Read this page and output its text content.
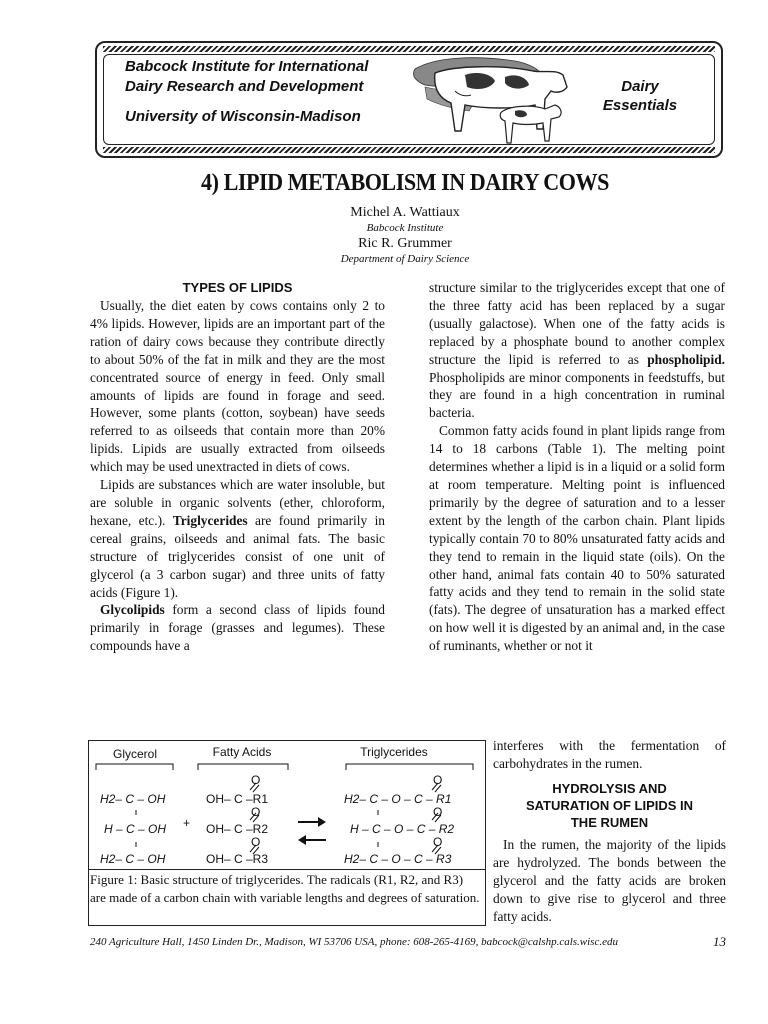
Babcock Institute for International
Dairy Research and Development
University of Wisconsin-Madison
Dairy
Essentials
4) LIPID METABOLISM IN DAIRY COWS
Michel A. Wattiaux
Babcock Institute
Ric R. Grummer
Department of Dairy Science
TYPES OF LIPIDS

Usually, the diet eaten by cows contains only 2 to 4% lipids. However, lipids are an important part of the ration of dairy cows because they contribute directly to about 50% of the fat in milk and they are the most concentrated source of energy in feed. Only small amounts of lipids are found in forage and seed. However, some plants (cotton, soybean) have seeds referred to as oilseeds that contain more than 20% lipids. Lipids are usually extracted from oilseeds which may be used unextracted in diets of cows.

Lipids are substances which are water insoluble, but are soluble in organic solvents (ether, chloroform, hexane, etc.). Triglycerides are found primarily in cereal grains, oilseeds and animal fats. The basic structure of triglycerides consist of one unit of glycerol (a 3 carbon sugar) and three units of fatty acids (Figure 1).

Glycolipids form a second class of lipids found primarily in forage (grasses and legumes). These compounds have a

structure similar to the triglycerides except that one of the three fatty acid has been replaced by a sugar (usually galactose). When one of the fatty acids is replaced by a phosphate bound to another complex structure the lipid is referred to as phospholipid. Phospholipids are minor components in feedstuffs, but they are found in a high concentration in ruminal bacteria.

Common fatty acids found in plant lipids range from 14 to 18 carbons (Table 1). The melting point determines whether a lipid is in a liquid or a solid form at room temperature. Melting point is influenced primarily by the degree of saturation and to a lesser extent by the length of the carbon chain. Plant lipids typically contain 70 to 80% unsaturated fatty acids and they tend to remain in the liquid state (oils). On the other hand, animal fats contain 40 to 50% saturated fatty acids and they tend to remain in the solid state (fats). The degree of unsaturation has a marked effect on how well it is digested by an animal and, in the case of ruminants, whether or not it

interferes with the fermentation of carbohydrates in the rumen.

HYDROLYSIS AND
SATURATION OF LIPIDS IN
THE RUMEN

In the rumen, the majority of the lipids are hydrolyzed. The bonds between the glycerol and the fatty acids are broken down to give rise to glycerol and three fatty acids.

Glycerol	Fatty Acids	Triglycerides
H2– C – OH
H – C – OH
H2– C – OH
H2– C – O – C – R1
H – C – O – C – R2
H2– C – O – C – R3
OH– C –R1
OH– C –R2
OH– C –R3
+
O
O
O
O
O
O
Figure 1: Basic structure of triglycerides. The radicals (R1, R2, and R3) are made of a carbon chain with variable lengths and degrees of saturation.
240 Agriculture Hall, 1450 Linden Dr., Madison, WI 53706 USA, phone: 608-265-4169, babcock@calshp.cals.wisc.edu	13
